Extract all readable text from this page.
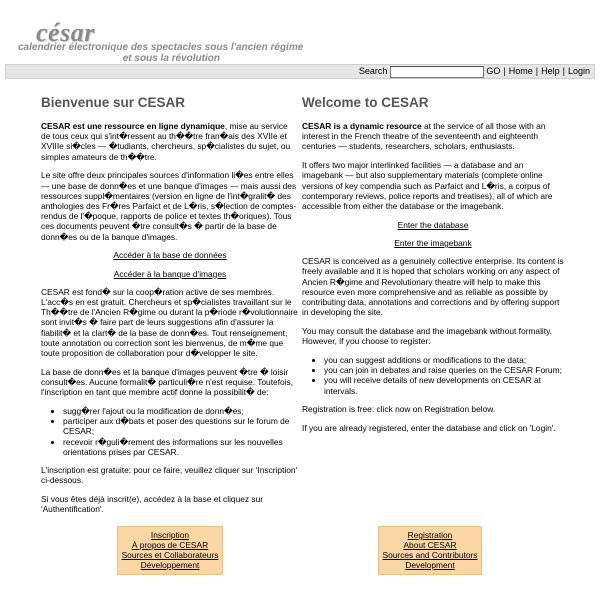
césar
calendrier électronique des spectacles sous l'ancien régime
et sous la révolution
Search	GO | Home | Help | Login
Bienvenue sur CESAR

CESAR est une ressource en ligne dynamique, mise au service de tous ceux qui s'int�ressent au th��tre fran�ais des XVIIe et XVIIIe si�cles — �tudiants, chercheurs, sp�cialistes du sujet, ou simples amateurs de th��tre.

Le site offre deux principales sources d'information li�es entre elles — une base de donn�es et une banque d'images — mais aussi des ressources suppl�mentaires (version en ligne de l'int�gralit� des anthologies des Fr�res Parfaict et de L�ris, s�lection de comptes-rendus de l'�poque, rapports de police et textes th�oriques). Tous ces documents peuvent �tre consult�s � partir de la base de donn�es ou de la banque d'images.

Accéder à la base de données

Accéder à la banque d'images

CESAR est fond� sur la coop�ration active de ses membres. L'acc�s en est gratuit. Chercheurs et sp�cialistes travaillant sur le Th��tre de l'Ancien R�gime ou durant la p�riode r�volutionnaire sont invit�s � faire part de leurs suggestions afin d'assurer la fiabilit� et la clart� de la base de donn�es. Tout renseignement, toute annotation ou correction sont les bienvenus, de m�me que toute proposition de collaboration pour d�velopper le site.

La base de donn�es et la banque d'images peuvent �tre � loisir consult�es. Aucune formalit� particuli�re n'est requise. Toutefois, l'inscription en tant que membre actif donne la possibilit� de:

• sugg�rer l'ajout ou la modification de donn�es;
• participer aux d�bats et poser des questions sur le forum de CESAR;
• recevoir r�guli�rement des informations sur les nouvelles orientations prises par CESAR.

L'inscription est gratuite: pour ce faire, veuillez cliquer sur 'Inscription' ci-dessous.

Si vous êtes déjà inscrit(e), accédez à la base et cliquez sur 'Authentification'.

Welcome to CESAR

CESAR is a dynamic resource at the service of all those with an interest in the French theatre of the seventeenth and eighteenth centuries — students, researchers, scholars, enthusiasts.

It offers two major interlinked facilities — a database and an imagebank — but also supplementary materials (complete online versions of key compendia such as Parfaict and L�ris, a corpus of contemporary reviews, police reports and treatises), all of which are accessible from either the database or the imagebank.

Enter the database

Enter the imagebank

CESAR is conceived as a genuinely collective enterprise. Its content is freely available and it is hoped that scholars working on any aspect of Ancien R�gime and Revolutionary theatre will help to make this resource even more comprehensive and as reliable as possible by contributing data, annotations and corrections and by offering support in developing the site.

You may consult the database and the imagebank without formality. However, if you choose to register:

• you can suggest additions or modifications to the data;
• you can join in debates and raise queries on the CESAR Forum;
• you will receive details of new developments on CESAR at intervals.

Registration is free: click now on Registration below.

If you are already registered, enter the database and click on 'Login'.

Inscription
À propos de CESAR
Sources et Collaborateurs
Développement
Registration
About CESAR
Sources and Contributors
Development
